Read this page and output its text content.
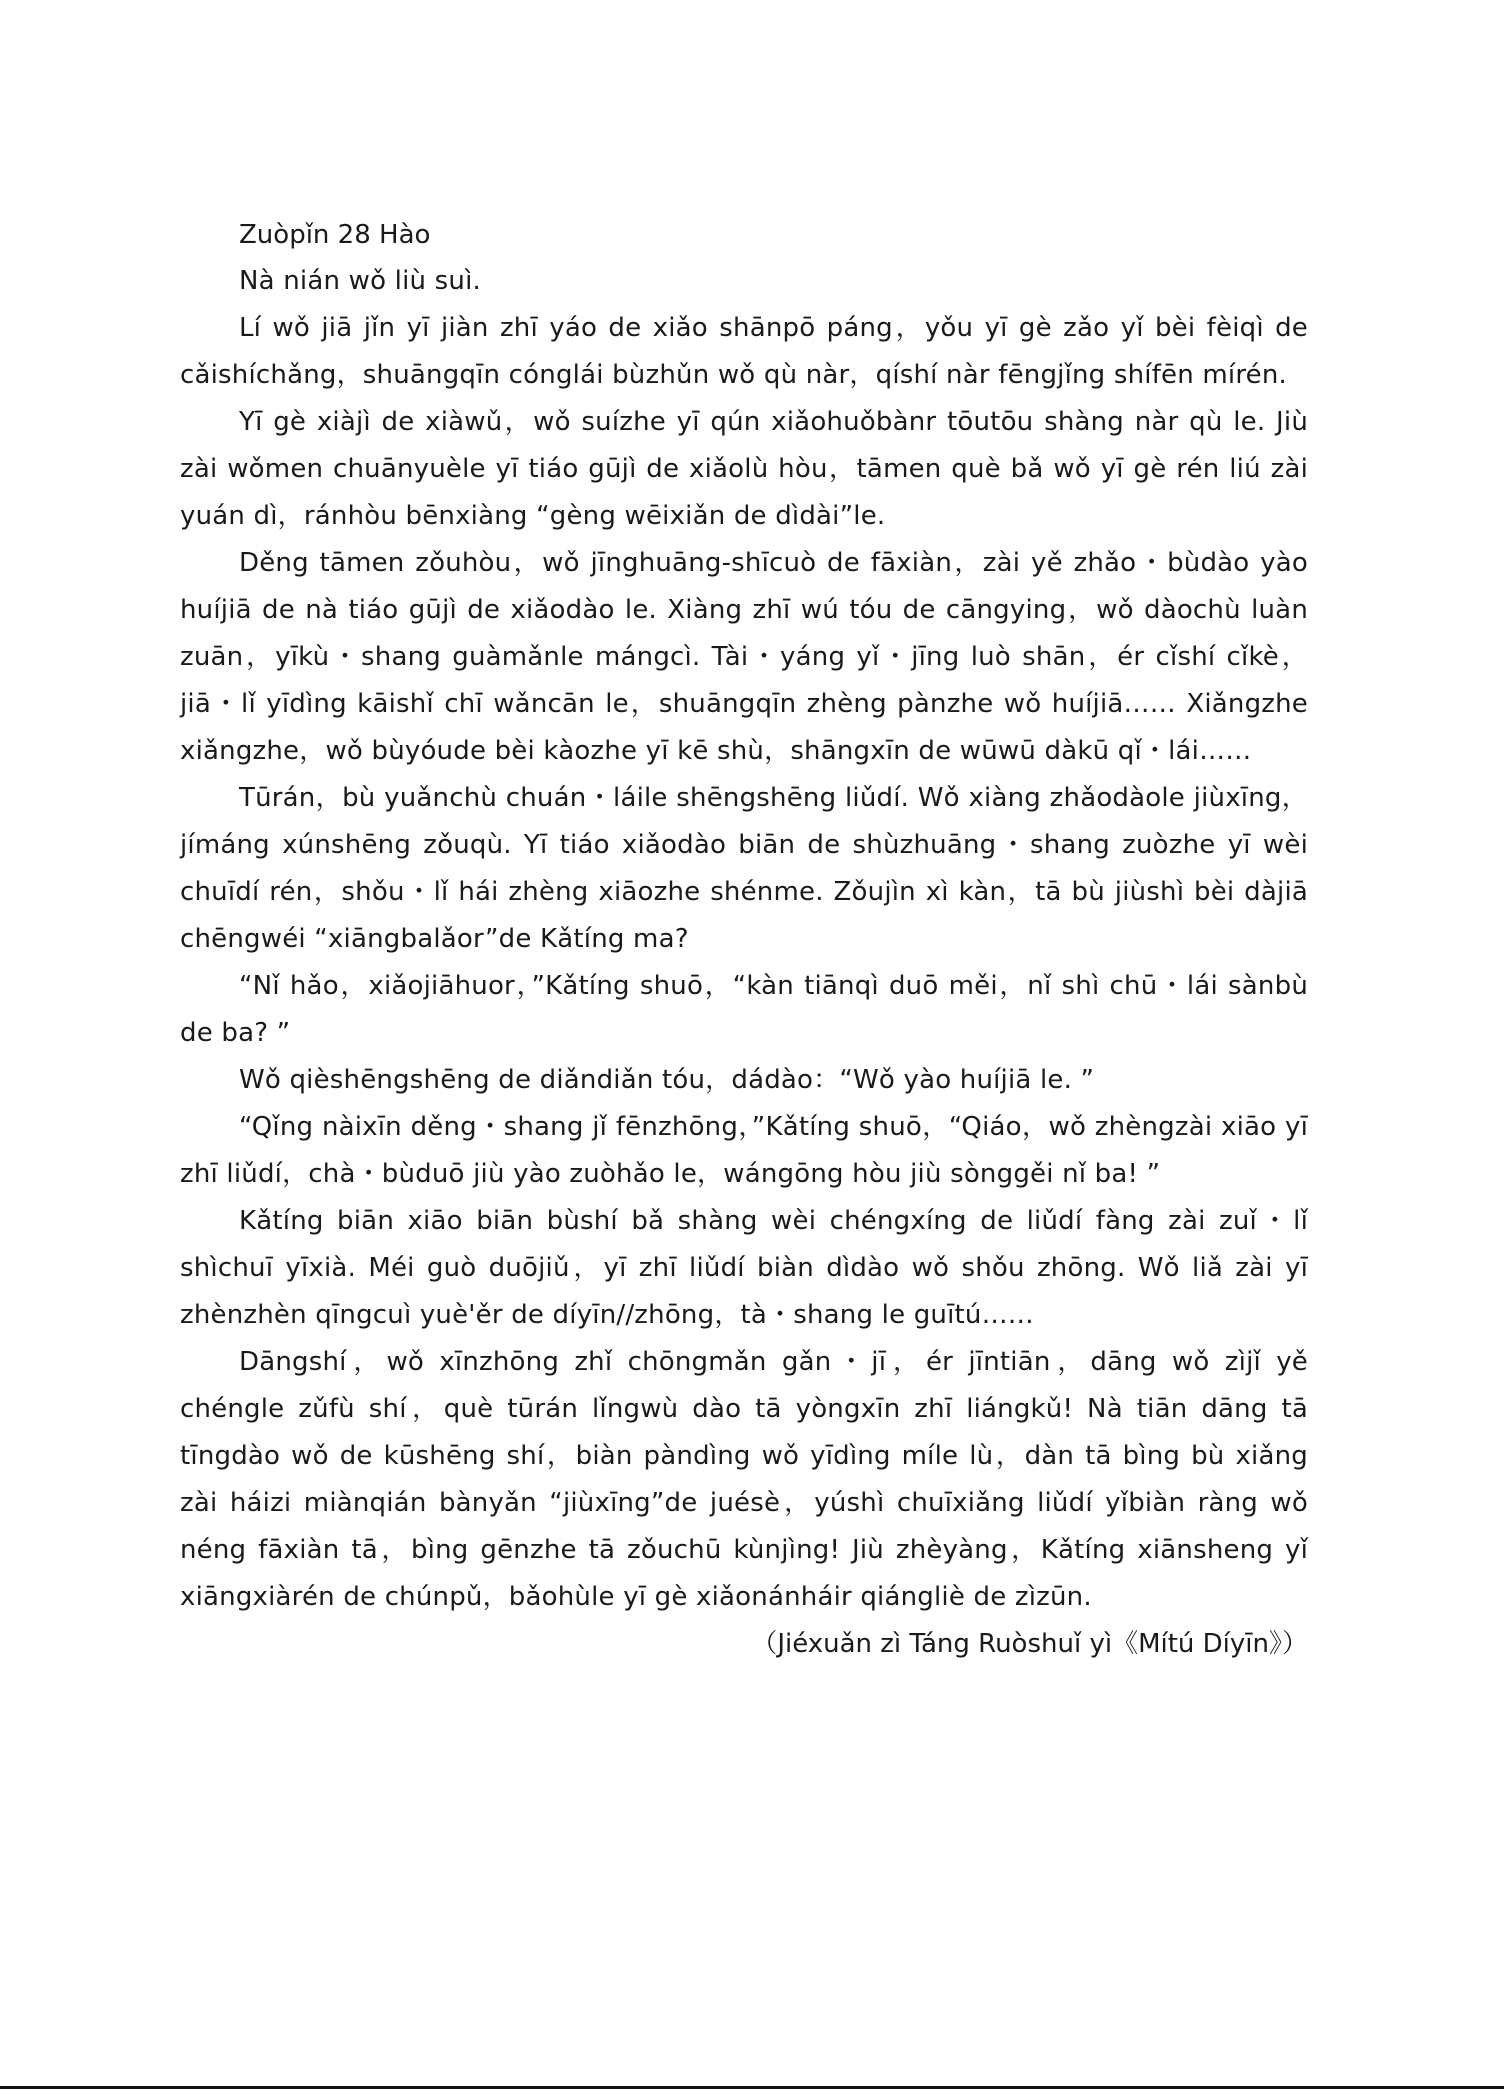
Zuòpǐn 28 Hào

Nà nián wǒ liù suì.

Lí wǒ jiā jǐn yī jiàn zhī yáo de xiǎo shānpō páng，yǒu yī gè zǎo yǐ bèi fèiqì de cǎishíchǎng，shuāngqīn cónglái bùzhǔn wǒ qù nàr，qíshí nàr fēngjǐng shífēn mírén.

Yī gè xiàjì de xiàwǔ，wǒ suízhe yī qún xiǎohuǒbànr tōutōu shàng nàr qù le. Jiù zài wǒmen chuānyuèle yī tiáo gūjì de xiǎolù hòu，tāmen què bǎ wǒ yī gè rén liú zài yuán dì，ránhòu bēnxiàng “gèng wēixiǎn de dìdài”le.

Děng tāmen zǒuhòu，wǒ jīnghuāng-shīcuò de fāxiàn，zài yě zhǎo・bùdào yào huíjiā de nà tiáo gūjì de xiǎodào le. Xiàng zhī wú tóu de cāngying，wǒ dàochù luàn zuān，yīkù・shang guàmǎnle mángcì. Tài・yáng yǐ・jīng luò shān，ér cǐshí cǐkè，jiā・lǐ yīdìng kāishǐ chī wǎncān le，shuāngqīn zhèng pànzhe wǒ huíjiā…… Xiǎngzhe xiǎngzhe，wǒ bùyóude bèi kàozhe yī kē shù，shāngxīn de wūwū dàkū qǐ・lái……

Tūrán，bù yuǎnchù chuán・láile shēngshēng liǔdí. Wǒ xiàng zhǎodàole jiùxīng，jímáng xúnshēng zǒuqù. Yī tiáo xiǎodào biān de shùzhuāng・shang zuòzhe yī wèi chuīdí rén，shǒu・lǐ hái zhèng xiāozhe shénme. Zǒujìn xì kàn，tā bù jiùshì bèi dàjiā chēngwéi “xiāngbalǎor”de Kǎtíng ma?

“Nǐ hǎo，xiǎojiāhuor，”Kǎtíng shuō，“kàn tiānqì duō měi，nǐ shì chū・lái sànbù de ba? ”

Wǒ qièshēngshēng de diǎndiǎn tóu，dádào：“Wǒ yào huíjiā le. ”

“Qǐng nàixīn děng・shang jǐ fēnzhōng，”Kǎtíng shuō，“Qiáo，wǒ zhèngzài xiāo yī zhī liǔdí，chà・bùduō jiù yào zuòhǎo le，wángōng hòu jiù sònggěi nǐ ba! ”

Kǎtíng biān xiāo biān bùshí bǎ shàng wèi chéngxíng de liǔdí fàng zài zuǐ・lǐ shìchuī yīxià. Méi guò duōjiǔ，yī zhī liǔdí biàn dìdào wǒ shǒu zhōng. Wǒ liǎ zài yī zhènzhèn qīngcuì yuè'ěr de díyīn//zhōng，tà・shang le guītú……

Dāngshí，wǒ xīnzhōng zhǐ chōngmǎn gǎn・jī，ér jīntiān，dāng wǒ zìjǐ yě chéngle zǔfù shí，què tūrán lǐngwù dào tā yòngxīn zhī liángkǔ! Nà tiān dāng tā tīngdào wǒ de kūshēng shí，biàn pàndìng wǒ yīdìng míle lù，dàn tā bìng bù xiǎng zài háizi miànqián bànyǎn “jiùxīng”de juésè，yúshì chuīxiǎng liǔdí yǐbiàn ràng wǒ néng fāxiàn tā，bìng gēnzhe tā zǒuchū kùnjìng! Jiù zhèyàng，Kǎtíng xiānsheng yǐ xiāngxiàrén de chúnpǔ，bǎohùle yī gè xiǎonánháir qiángliè de zìzūn.

（Jiéxuǎn zì Táng Ruòshuǐ yì《Mítú Díyīn》）
